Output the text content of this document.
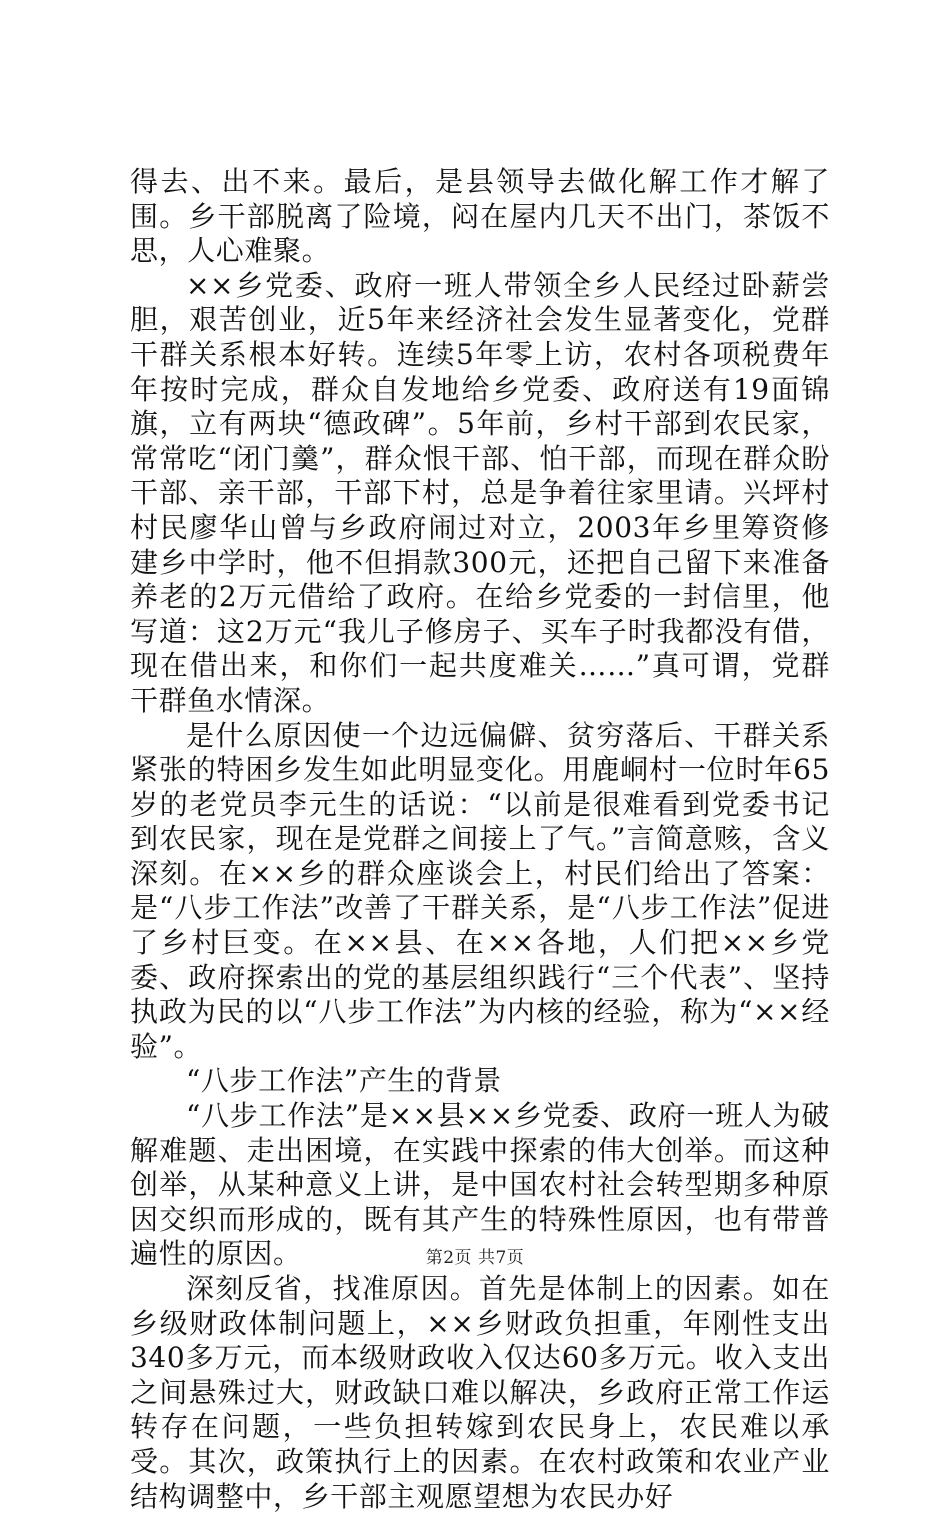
得去、出不来。最后，是县领导去做化解工作才解了围。乡干部脱离了险境，闷在屋内几天不出门，茶饭不思，人心难聚。

××乡党委、政府一班人带领全乡人民经过卧薪尝胆，艰苦创业，近5年来经济社会发生显著变化，党群干群关系根本好转。连续5年零上访，农村各项税费年年按时完成，群众自发地给乡党委、政府送有19面锦旗，立有两块“德政碑”。5年前，乡村干部到农民家，常常吃“闭门羹”，群众恨干部、怕干部，而现在群众盼干部、亲干部，干部下村，总是争着往家里请。兴坪村村民廖华山曾与乡政府闹过对立，2003年乡里筹资修建乡中学时，他不但捐款300元，还把自己留下来准备养老的2万元借给了政府。在给乡党委的一封信里，他写道：这2万元“我儿子修房子、买车子时我都没有借，现在借出来，和你们一起共度难关……”真可谓，党群干群鱼水情深。

是什么原因使一个边远偏僻、贫穷落后、干群关系紧张的特困乡发生如此明显变化。用鹿峒村一位时年65岁的老党员李元生的话说：“以前是很难看到党委书记到农民家，现在是党群之间接上了气。”言简意赅，含义深刻。在××乡的群众座谈会上，村民们给出了答案：是“八步工作法”改善了干群关系，是“八步工作法”促进了乡村巨变。在××县、在××各地，人们把××乡党委、政府探索出的党的基层组织践行“三个代表”、坚持执政为民的以“八步工作法”为内核的经验，称为“××经验”。

“八步工作法”产生的背景

“八步工作法”是××县××乡党委、政府一班人为破解难题、走出困境，在实践中探索的伟大创举。而这种创举，从某种意义上讲，是中国农村社会转型期多种原因交织而形成的，既有其产生的特殊性原因，也有带普遍性的原因。

深刻反省，找准原因。首先是体制上的因素。如在乡级财政体制问题上，××乡财政负担重，年刚性支出340多万元，而本级财政收入仅达60多万元。收入支出之间悬殊过大，财政缺口难以解决，乡政府正常工作运转存在问题，一些负担转嫁到农民身上，农民难以承受。其次，政策执行上的因素。在农村政策和农业产业结构调整中，乡干部主观愿望想为农民办好

第2页 共7页
